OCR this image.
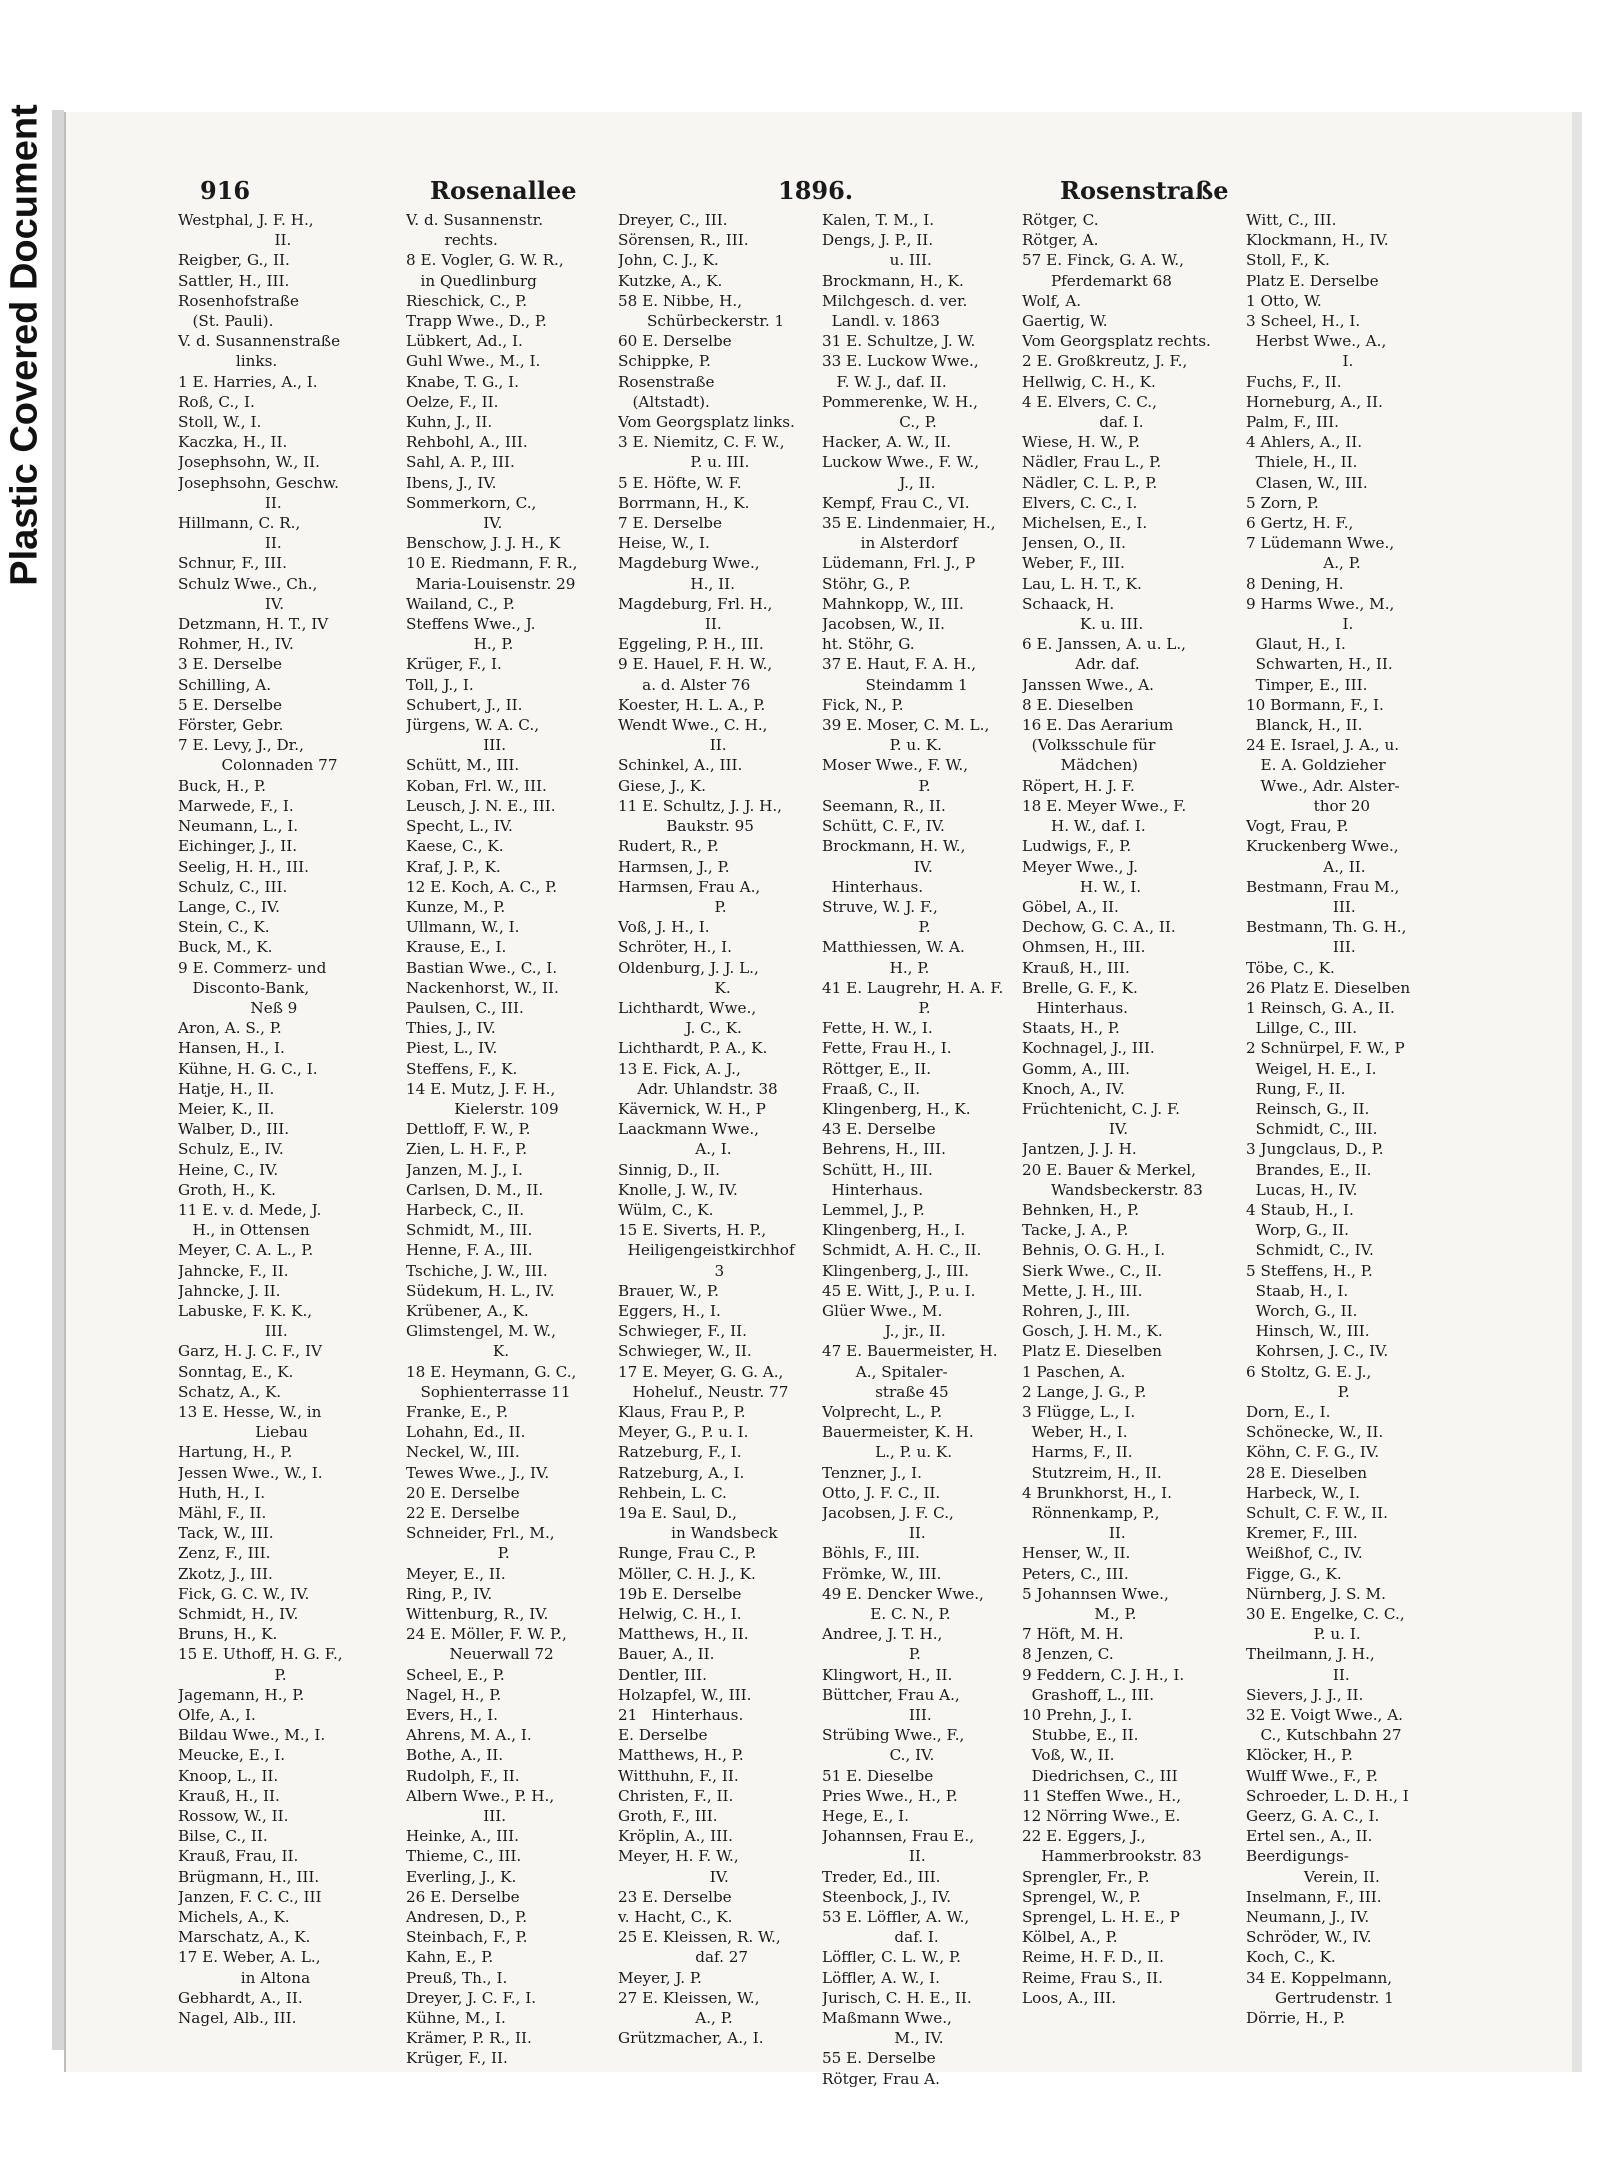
Plastic Covered Document	916	Rosenallee	1896.	Rosenstraße
Westphal, J. F. H.,
II.
Reigber, G., II.
Sattler, H., III.
Rosenhofstraße
(St. Pauli).
V. d. Susannenstraße
links.
1 E. Harries, A., I.
Roß, C., I.
Stoll, W., I.
Kaczka, H., II.
Josephsohn, W., II.
Josephsohn, Geschw.
II.
Hillmann, C. R.,
II.
Schnur, F., III.
Schulz Wwe., Ch.,
IV.
Detzmann, H. T., IV
Rohmer, H., IV.
3 E. Derselbe
Schilling, A.
5 E. Derselbe
Förster, Gebr.
7 E. Levy, J., Dr.,
Colonnaden 77
Buck, H., P.
Marwede, F., I.
Neumann, L., I.
Eichinger, J., II.
Seelig, H. H., III.
Schulz, C., III.
Lange, C., IV.
Stein, C., K.
Buck, M., K.
9 E. Commerz- und
Disconto-Bank,
Neß 9
Aron, A. S., P.
Hansen, H., I.
Kühne, H. G. C., I.
Hatje, H., II.
Meier, K., II.
Walber, D., III.
Schulz, E., IV.
Heine, C., IV.
Groth, H., K.
11 E. v. d. Mede, J.
H., in Ottensen
Meyer, C. A. L., P.
Jahncke, F., II.
Jahncke, J. II.
Labuske, F. K. K.,
III.
Garz, H. J. C. F., IV
Sonntag, E., K.
Schatz, A., K.
13 E. Hesse, W., in
Liebau
Hartung, H., P.
Jessen Wwe., W., I.
Huth, H., I.
Mähl, F., II.
Tack, W., III.
Zenz, F., III.
Zkotz, J., III.
Fick, G. C. W., IV.
Schmidt, H., IV.
Bruns, H., K.
15 E. Uthoff, H. G. F.,
P.
Jagemann, H., P.
Olfe, A., I.
Bildau Wwe., M., I.
Meucke, E., I.
Knoop, L., II.
Krauß, H., II.
Rossow, W., II.
Bilse, C., II.
Krauß, Frau, II.
Brügmann, H., III.
Janzen, F. C. C., III
Michels, A., K.
Marschatz, A., K.
17 E. Weber, A. L.,
in Altona
Gebhardt, A., II.
Nagel, Alb., III.
V. d. Susannenstr.
rechts.
8 E. Vogler, G. W. R.,
in Quedlinburg
Rieschick, C., P.
Trapp Wwe., D., P.
Lübkert, Ad., I.
Guhl Wwe., M., I.
Knabe, T. G., I.
Oelze, F., II.
Kuhn, J., II.
Rehbohl, A., III.
Sahl, A. P., III.
Ibens, J., IV.
Sommerkorn, C.,
IV.
Benschow, J. J. H., K
10 E. Riedmann, F. R.,
Maria-Louisenstr. 29
Wailand, C., P.
Steffens Wwe., J.
H., P.
Krüger, F., I.
Toll, J., I.
Schubert, J., II.
Jürgens, W. A. C.,
III.
Schütt, M., III.
Koban, Frl. W., III.
Leusch, J. N. E., III.
Specht, L., IV.
Kaese, C., K.
Kraf, J. P., K.
12 E. Koch, A. C., P.
Kunze, M., P.
Ullmann, W., I.
Krause, E., I.
Bastian Wwe., C., I.
Nackenhorst, W., II.
Paulsen, C., III.
Thies, J., IV.
Piest, L., IV.
Steffens, F., K.
14 E. Mutz, J. F. H.,
Kielerstr. 109
Dettloff, F. W., P.
Zien, L. H. F., P.
Janzen, M. J., I.
Carlsen, D. M., II.
Harbeck, C., II.
Schmidt, M., III.
Henne, F. A., III.
Tschiche, J. W., III.
Südekum, H. L., IV.
Krübener, A., K.
Glimstengel, M. W.,
K.
18 E. Heymann, G. C.,
Sophienterrasse 11
Franke, E., P.
Lohahn, Ed., II.
Neckel, W., III.
Tewes Wwe., J., IV.
20 E. Derselbe
22 E. Derselbe
Schneider, Frl., M.,
P.
Meyer, E., II.
Ring, P., IV.
Wittenburg, R., IV.
24 E. Möller, F. W. P.,
Neuerwall 72
Scheel, E., P.
Nagel, H., P.
Evers, H., I.
Ahrens, M. A., I.
Bothe, A., II.
Rudolph, F., II.
Albern Wwe., P. H.,
III.
Heinke, A., III.
Thieme, C., III.
Everling, J., K.
26 E. Derselbe
Andresen, D., P.
Steinbach, F., P.
Kahn, E., P.
Preuß, Th., I.
Dreyer, J. C. F., I.
Kühne, M., I.
Krämer, P. R., II.
Krüger, F., II.
Dreyer, C., III.
Sörensen, R., III.
John, C. J., K.
Kutzke, A., K.
58 E. Nibbe, H.,
Schürbeckerstr. 1
60 E. Derselbe
Schippke, P.
Rosenstraße
(Altstadt).
Vom Georgsplatz links.
3 E. Niemitz, C. F. W.,
P. u. III.
5 E. Höfte, W. F.
Borrmann, H., K.
7 E. Derselbe
Heise, W., I.
Magdeburg Wwe.,
H., II.
Magdeburg, Frl. H.,
II.
Eggeling, P. H., III.
9 E. Hauel, F. H. W.,
a. d. Alster 76
Koester, H. L. A., P.
Wendt Wwe., C. H.,
II.
Schinkel, A., III.
Giese, J., K.
11 E. Schultz, J. J. H.,
Baukstr. 95
Rudert, R., P.
Harmsen, J., P.
Harmsen, Frau A.,
P.
Voß, J. H., I.
Schröter, H., I.
Oldenburg, J. J. L.,
K.
Lichthardt, Wwe.,
J. C., K.
Lichthardt, P. A., K.
13 E. Fick, A. J.,
Adr. Uhlandstr. 38
Kävernick, W. H., P
Laackmann Wwe.,
A., I.
Sinnig, D., II.
Knolle, J. W., IV.
Wülm, C., K.
15 E. Siverts, H. P.,
Heiligengeistkirchhof
3
Brauer, W., P.
Eggers, H., I.
Schwieger, F., II.
Schwieger, W., II.
17 E. Meyer, G. G. A.,
Hoheluf., Neustr. 77
Klaus, Frau P., P.
Meyer, G., P. u. I.
Ratzeburg, F., I.
Ratzeburg, A., I.
Rehbein, L. C.
19a E. Saul, D.,
in Wandsbeck
Runge, Frau C., P.
Möller, C. H. J., K.
19b E. Derselbe
Helwig, C. H., I.
Matthews, H., II.
Bauer, A., II.
Dentler, III.
Holzapfel, W., III.
21   Hinterhaus.
E. Derselbe
Matthews, H., P.
Witthuhn, F., II.
Christen, F., II.
Groth, F., III.
Kröplin, A., III.
Meyer, H. F. W.,
IV.
23 E. Derselbe
v. Hacht, C., K.
25 E. Kleissen, R. W.,
daf. 27
Meyer, J. P.
27 E. Kleissen, W.,
A., P.
Grützmacher, A., I.
Kalen, T. M., I.
Dengs, J. P., II.
u. III.
Brockmann, H., K.
Milchgesch. d. ver.
Landl. v. 1863
31 E. Schultze, J. W.
33 E. Luckow Wwe.,
F. W. J., daf. II.
Pommerenke, W. H.,
C., P.
Hacker, A. W., II.
Luckow Wwe., F. W.,
J., II.
Kempf, Frau C., VI.
35 E. Lindenmaier, H.,
in Alsterdorf
Lüdemann, Frl. J., P
Stöhr, G., P.
Mahnkopp, W., III.
Jacobsen, W., II.
ht. Stöhr, G.
37 E. Haut, F. A. H.,
Steindamm 1
Fick, N., P.
39 E. Moser, C. M. L.,
P. u. K.
Moser Wwe., F. W.,
P.
Seemann, R., II.
Schütt, C. F., IV.
Brockmann, H. W.,
IV.
Hinterhaus.
Struve, W. J. F.,
P.
Matthiessen, W. A.
H., P.
41 E. Laugrehr, H. A. F.
P.
Fette, H. W., I.
Fette, Frau H., I.
Röttger, E., II.
Fraaß, C., II.
Klingenberg, H., K.
43 E. Derselbe
Behrens, H., III.
Schütt, H., III.
Hinterhaus.
Lemmel, J., P.
Klingenberg, H., I.
Schmidt, A. H. C., II.
Klingenberg, J., III.
45 E. Witt, J., P. u. I.
Glüer Wwe., M.
J., jr., II.
47 E. Bauermeister, H.
A., Spitaler-
straße 45
Volprecht, L., P.
Bauermeister, K. H.
L., P. u. K.
Tenzner, J., I.
Otto, J. F. C., II.
Jacobsen, J. F. C.,
II.
Böhls, F., III.
Frömke, W., III.
49 E. Dencker Wwe.,
E. C. N., P.
Andree, J. T. H.,
P.
Klingwort, H., II.
Büttcher, Frau A.,
III.
Strübing Wwe., F.,
C., IV.
51 E. Dieselbe
Pries Wwe., H., P.
Hege, E., I.
Johannsen, Frau E.,
II.
Treder, Ed., III.
Steenbock, J., IV.
53 E. Löffler, A. W.,
daf. I.
Löffler, C. L. W., P.
Löffler, A. W., I.
Jurisch, C. H. E., II.
Maßmann Wwe.,
M., IV.
55 E. Derselbe
Rötger, Frau A.
Rötger, C.
Rötger, A.
57 E. Finck, G. A. W.,
Pferdemarkt 68
Wolf, A.
Gaertig, W.
Vom Georgsplatz rechts.
2 E. Großkreutz, J. F.,
Hellwig, C. H., K.
4 E. Elvers, C. C.,
daf. I.
Wiese, H. W., P.
Nädler, Frau L., P.
Nädler, C. L. P., P.
Elvers, C. C., I.
Michelsen, E., I.
Jensen, O., II.
Weber, F., III.
Lau, L. H. T., K.
Schaack, H.
K. u. III.
6 E. Janssen, A. u. L.,
Adr. daf.
Janssen Wwe., A.
8 E. Dieselben
16 E. Das Aerarium
(Volksschule für
Mädchen)
Röpert, H. J. F.
18 E. Meyer Wwe., F.
H. W., daf. I.
Ludwigs, F., P.
Meyer Wwe., J.
H. W., I.
Göbel, A., II.
Dechow, G. C. A., II.
Ohmsen, H., III.
Krauß, H., III.
Brelle, G. F., K.
Hinterhaus.
Staats, H., P.
Kochnagel, J., III.
Gomm, A., III.
Knoch, A., IV.
Früchtenicht, C. J. F.
IV.
Jantzen, J. J. H.
20 E. Bauer & Merkel,
Wandsbeckerstr. 83
Behnken, H., P.
Tacke, J. A., P.
Behnis, O. G. H., I.
Sierk Wwe., C., II.
Mette, J. H., III.
Rohren, J., III.
Gosch, J. H. M., K.
Platz E. Dieselben
1 Paschen, A.
2 Lange, J. G., P.
3 Flügge, L., I.
Weber, H., I.
Harms, F., II.
Stutzreim, H., II.
4 Brunkhorst, H., I.
Rönnenkamp, P.,
II.
Henser, W., II.
Peters, C., III.
5 Johannsen Wwe.,
M., P.
7 Höft, M. H.
8 Jenzen, C.
9 Feddern, C. J. H., I.
Grashoff, L., III.
10 Prehn, J., I.
Stubbe, E., II.
Voß, W., II.
Diedrichsen, C., III
11 Steffen Wwe., H.,
12 Nörring Wwe., E.
22 E. Eggers, J.,
Hammerbrookstr. 83
Sprengler, Fr., P.
Sprengel, W., P.
Sprengel, L. H. E., P
Kölbel, A., P.
Reime, H. F. D., II.
Reime, Frau S., II.
Loos, A., III.
Witt, C., III.
Klockmann, H., IV.
Stoll, F., K.
Platz E. Derselbe
1 Otto, W.
3 Scheel, H., I.
Herbst Wwe., A.,
I.
Fuchs, F., II.
Horneburg, A., II.
Palm, F., III.
4 Ahlers, A., II.
Thiele, H., II.
Clasen, W., III.
5 Zorn, P.
6 Gertz, H. F.,
7 Lüdemann Wwe.,
A., P.
8 Dening, H.
9 Harms Wwe., M.,
I.
Glaut, H., I.
Schwarten, H., II.
Timper, E., III.
10 Bormann, F., I.
Blanck, H., II.
24 E. Israel, J. A., u.
E. A. Goldzieher
Wwe., Adr. Alster-
thor 20
Vogt, Frau, P.
Kruckenberg Wwe.,
A., II.
Bestmann, Frau M.,
III.
Bestmann, Th. G. H.,
III.
Töbe, C., K.
26 Platz E. Dieselben
1 Reinsch, G. A., II.
Lillge, C., III.
2 Schnürpel, F. W., P
Weigel, H. E., I.
Rung, F., II.
Reinsch, G., II.
Schmidt, C., III.
3 Jungclaus, D., P.
Brandes, E., II.
Lucas, H., IV.
4 Staub, H., I.
Worp, G., II.
Schmidt, C., IV.
5 Steffens, H., P.
Staab, H., I.
Worch, G., II.
Hinsch, W., III.
Kohrsen, J. C., IV.
6 Stoltz, G. E. J.,
P.
Dorn, E., I.
Schönecke, W., II.
Köhn, C. F. G., IV.
28 E. Dieselben
Harbeck, W., I.
Schult, C. F. W., II.
Kremer, F., III.
Weißhof, C., IV.
Figge, G., K.
Nürnberg, J. S. M.
30 E. Engelke, C. C.,
P. u. I.
Theilmann, J. H.,
II.
Sievers, J. J., II.
32 E. Voigt Wwe., A.
C., Kutschbahn 27
Klöcker, H., P.
Wulff Wwe., F., P.
Schroeder, L. D. H., I
Geerz, G. A. C., I.
Ertel sen., A., II.
Beerdigungs-
Verein, II.
Inselmann, F., III.
Neumann, J., IV.
Schröder, W., IV.
Koch, C., K.
34 E. Koppelmann,
Gertrudenstr. 1
Dörrie, H., P.
